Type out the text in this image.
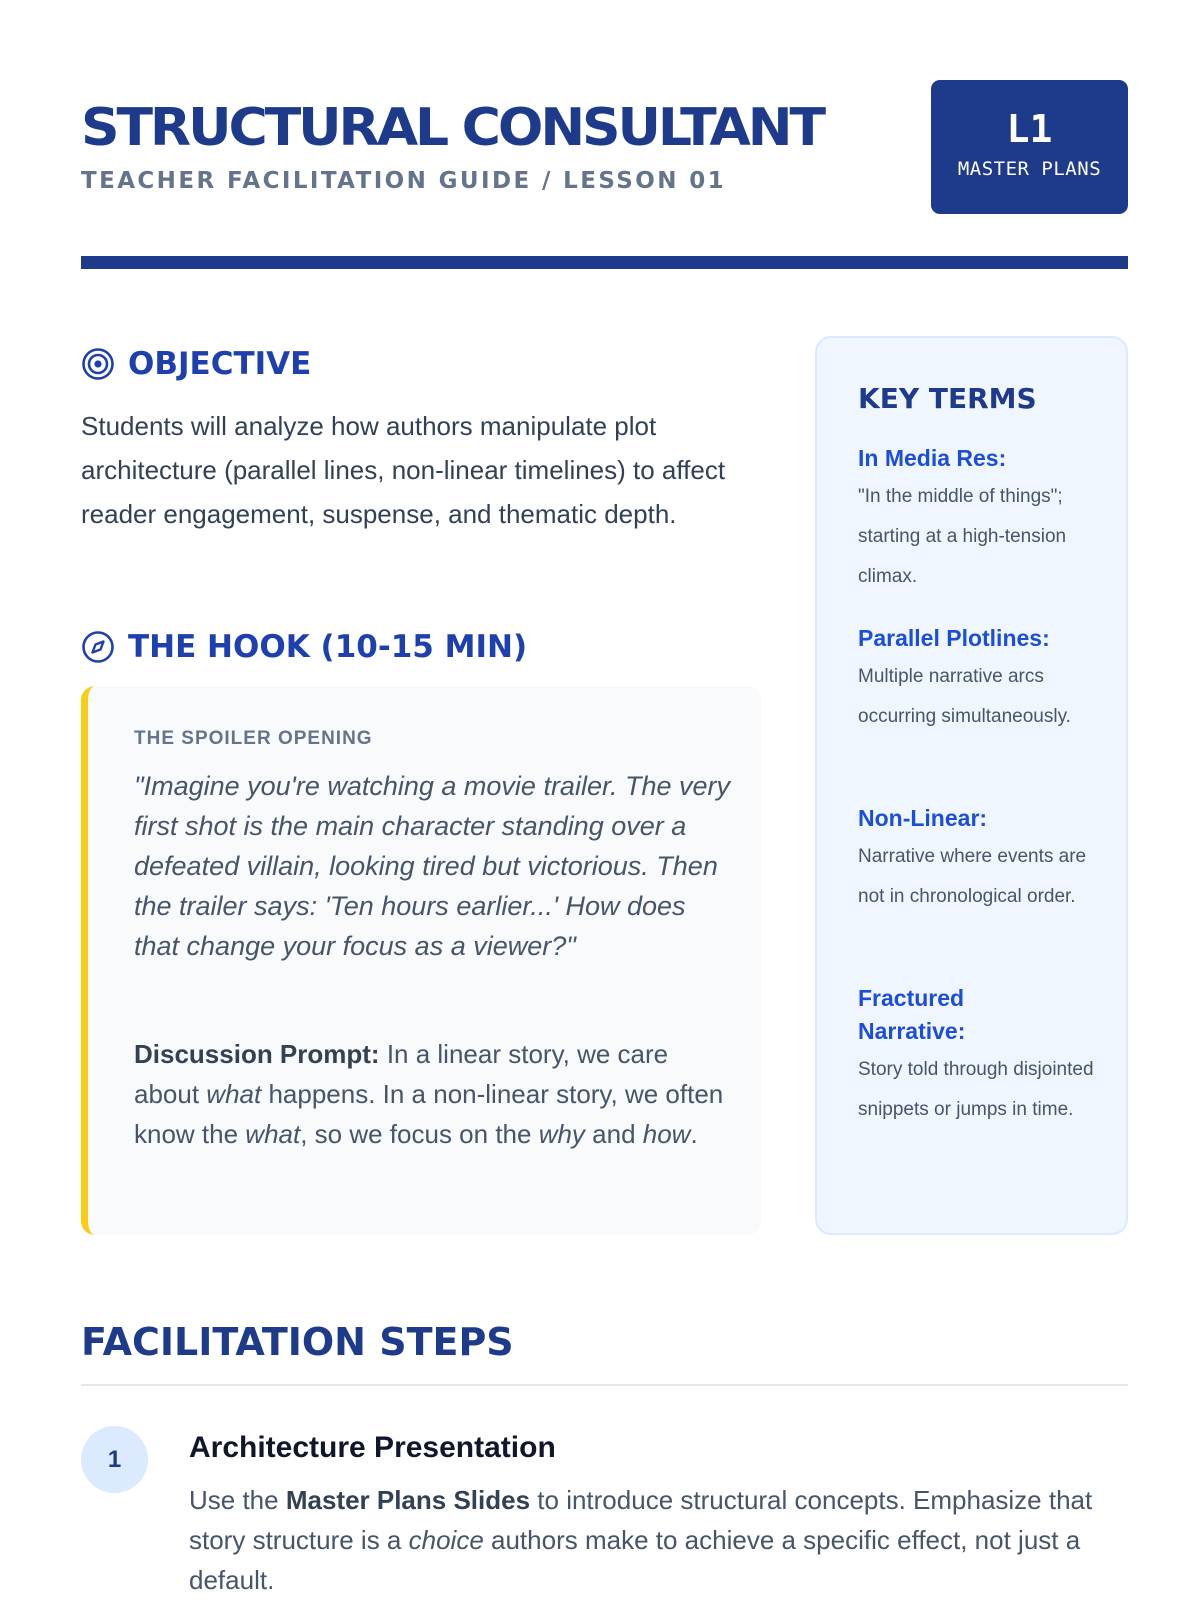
STRUCTURAL CONSULTANT
TEACHER FACILITATION GUIDE / LESSON 01
L1
MASTER PLANS
OBJECTIVE

Students will analyze how authors manipulate plot architecture (parallel lines, non-linear timelines) to affect reader engagement, suspense, and thematic depth.

THE HOOK (10-15 MIN)
THE SPOILER OPENING

"Imagine you're watching a movie trailer. The very first shot is the main character standing over a defeated villain, looking tired but victorious. Then the trailer says: 'Ten hours earlier...' How does that change your focus as a viewer?"

Discussion Prompt: In a linear story, we care about what happens. In a non-linear story, we often know the what, so we focus on the why and how.

KEY TERMS
In Media Res:
"In the middle of things"; starting at a high-tension climax.
Parallel Plotlines:
Multiple narrative arcs occurring simultaneously.
Non-Linear:
Narrative where events are not in chronological order.
Fractured Narrative:
Story told through disjointed snippets or jumps in time.
FACILITATION STEPS
1	Architecture Presentation

Use the Master Plans Slides to introduce structural concepts. Emphasize that story structure is a choice authors make to achieve a specific effect, not just a default.
